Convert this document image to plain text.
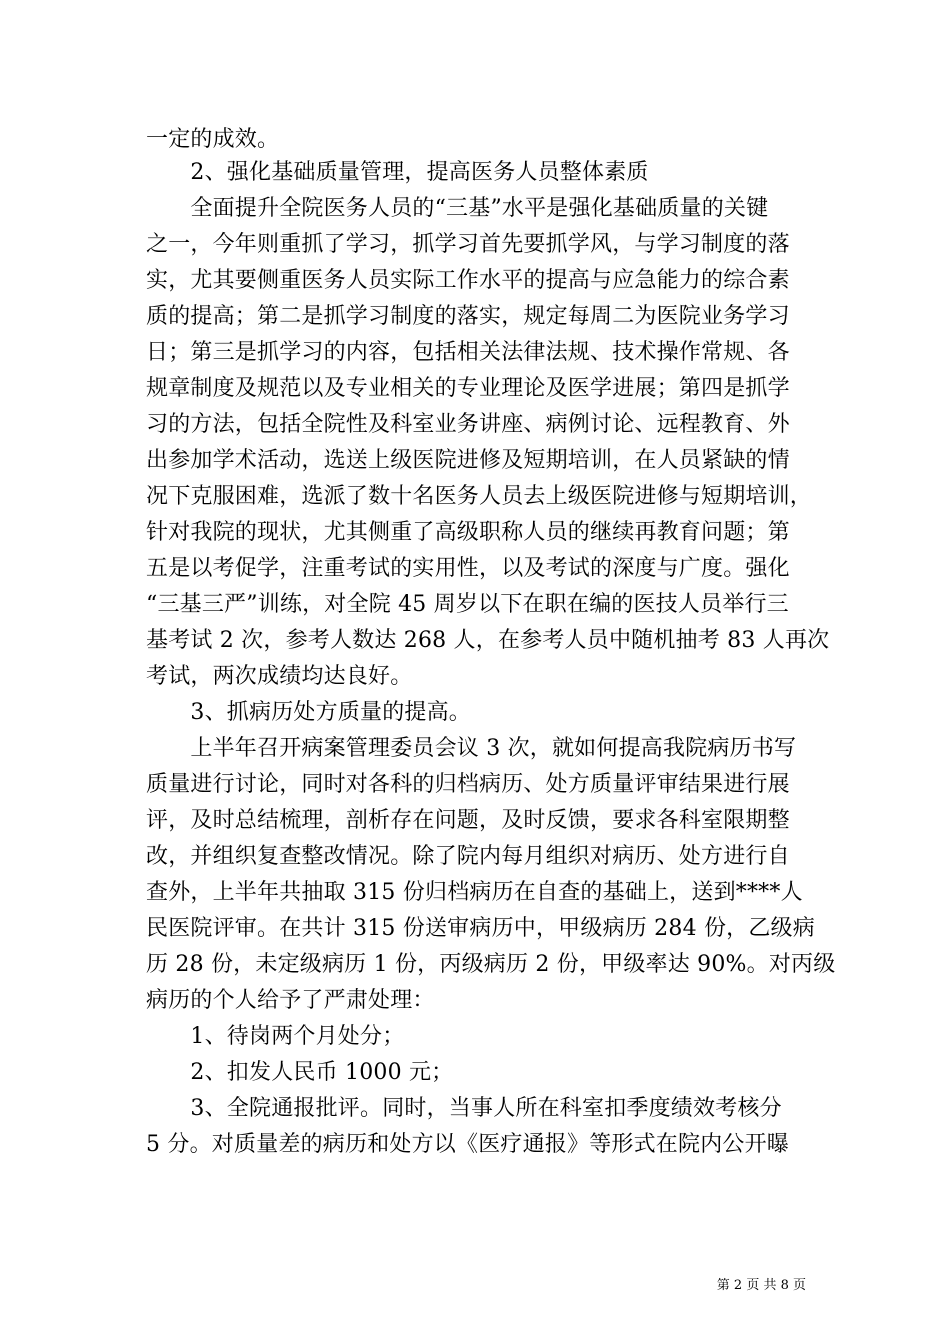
一定的成效。
　　2、强化基础质量管理，提高医务人员整体素质
　　全面提升全院医务人员的“三基”水平是强化基础质量的关键
之一，今年则重抓了学习，抓学习首先要抓学风，与学习制度的落
实，尤其要侧重医务人员实际工作水平的提高与应急能力的综合素
质的提高；第二是抓学习制度的落实，规定每周二为医院业务学习
日；第三是抓学习的内容，包括相关法律法规、技术操作常规、各
规章制度及规范以及专业相关的专业理论及医学进展；第四是抓学
习的方法，包括全院性及科室业务讲座、病例讨论、远程教育、外
出参加学术活动，选送上级医院进修及短期培训，在人员紧缺的情
况下克服困难，选派了数十名医务人员去上级医院进修与短期培训，
针对我院的现状，尤其侧重了高级职称人员的继续再教育问题；第
五是以考促学，注重考试的实用性，以及考试的深度与广度。强化
“三基三严”训练，对全院 45 周岁以下在职在编的医技人员举行三
基考试 2 次，参考人数达 268 人，在参考人员中随机抽考 83 人再次
考试，两次成绩均达良好。
　　3、抓病历处方质量的提高。
　　上半年召开病案管理委员会议 3 次，就如何提高我院病历书写
质量进行讨论，同时对各科的归档病历、处方质量评审结果进行展
评，及时总结梳理，剖析存在问题，及时反馈，要求各科室限期整
改，并组织复查整改情况。除了院内每月组织对病历、处方进行自
查外，上半年共抽取 315 份归档病历在自查的基础上，送到****人
民医院评审。在共计 315 份送审病历中，甲级病历 284 份，乙级病
历 28 份，未定级病历 1 份，丙级病历 2 份，甲级率达 90%。对丙级
病历的个人给予了严肃处理：
　　1、待岗两个月处分；
　　2、扣发人民币 1000 元；
　　3、全院通报批评。同时，当事人所在科室扣季度绩效考核分
5 分。对质量差的病历和处方以《医疗通报》等形式在院内公开曝
第 2 页 共 8 页
